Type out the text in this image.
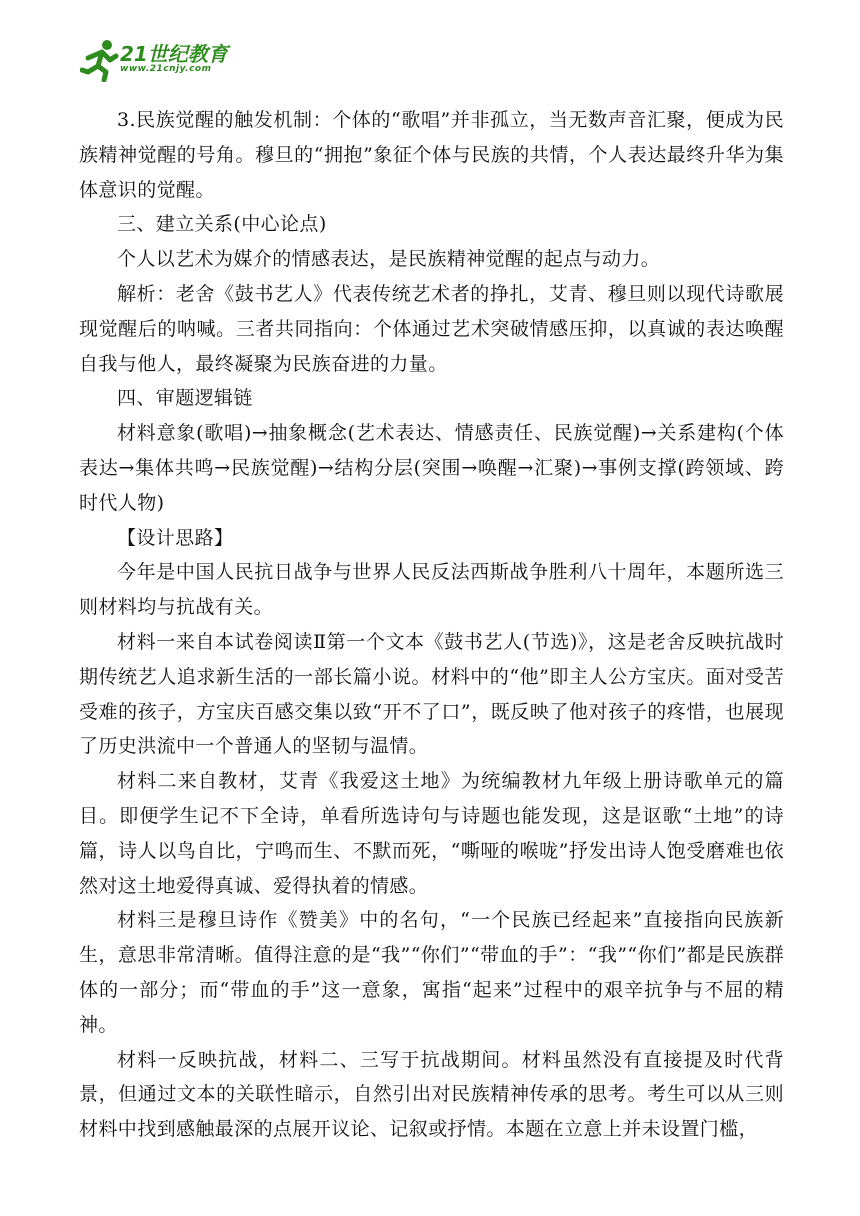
21世纪教育
www.21cnjy.com

3.民族觉醒的触发机制：个体的“歌唱”并非孤立，当无数声音汇聚，便成为民族精神觉醒的号角。穆旦的“拥抱”象征个体与民族的共情，个人表达最终升华为集体意识的觉醒。

三、建立关系(中心论点)

个人以艺术为媒介的情感表达，是民族精神觉醒的起点与动力。

解析：老舍《鼓书艺人》代表传统艺术者的挣扎，艾青、穆旦则以现代诗歌展现觉醒后的呐喊。三者共同指向：个体通过艺术突破情感压抑，以真诚的表达唤醒自我与他人，最终凝聚为民族奋进的力量。

四、审题逻辑链

材料意象(歌唱)→抽象概念(艺术表达、情感责任、民族觉醒)→关系建构(个体表达→集体共鸣→民族觉醒)→结构分层(突围→唤醒→汇聚)→事例支撑(跨领域、跨时代人物)

【设计思路】

今年是中国人民抗日战争与世界人民反法西斯战争胜利八十周年，本题所选三则材料均与抗战有关。

材料一来自本试卷阅读Ⅱ第一个文本《鼓书艺人(节选)》，这是老舍反映抗战时期传统艺人追求新生活的一部长篇小说。材料中的“他”即主人公方宝庆。面对受苦受难的孩子，方宝庆百感交集以致“开不了口”，既反映了他对孩子的疼惜，也展现了历史洪流中一个普通人的坚韧与温情。

材料二来自教材，艾青《我爱这土地》为统编教材九年级上册诗歌单元的篇目。即便学生记不下全诗，单看所选诗句与诗题也能发现，这是讴歌“土地”的诗篇，诗人以鸟自比，宁鸣而生、不默而死，“嘶哑的喉咙”抒发出诗人饱受磨难也依然对这土地爱得真诚、爱得执着的情感。

材料三是穆旦诗作《赞美》中的名句，“一个民族已经起来”直接指向民族新生，意思非常清晰。值得注意的是“我”“你们”“带血的手”：“我”“你们”都是民族群体的一部分；而“带血的手”这一意象，寓指“起来”过程中的艰辛抗争与不屈的精神。

材料一反映抗战，材料二、三写于抗战期间。材料虽然没有直接提及时代背景，但通过文本的关联性暗示，自然引出对民族精神传承的思考。考生可以从三则材料中找到感触最深的点展开议论、记叙或抒情。本题在立意上并未设置门槛，
